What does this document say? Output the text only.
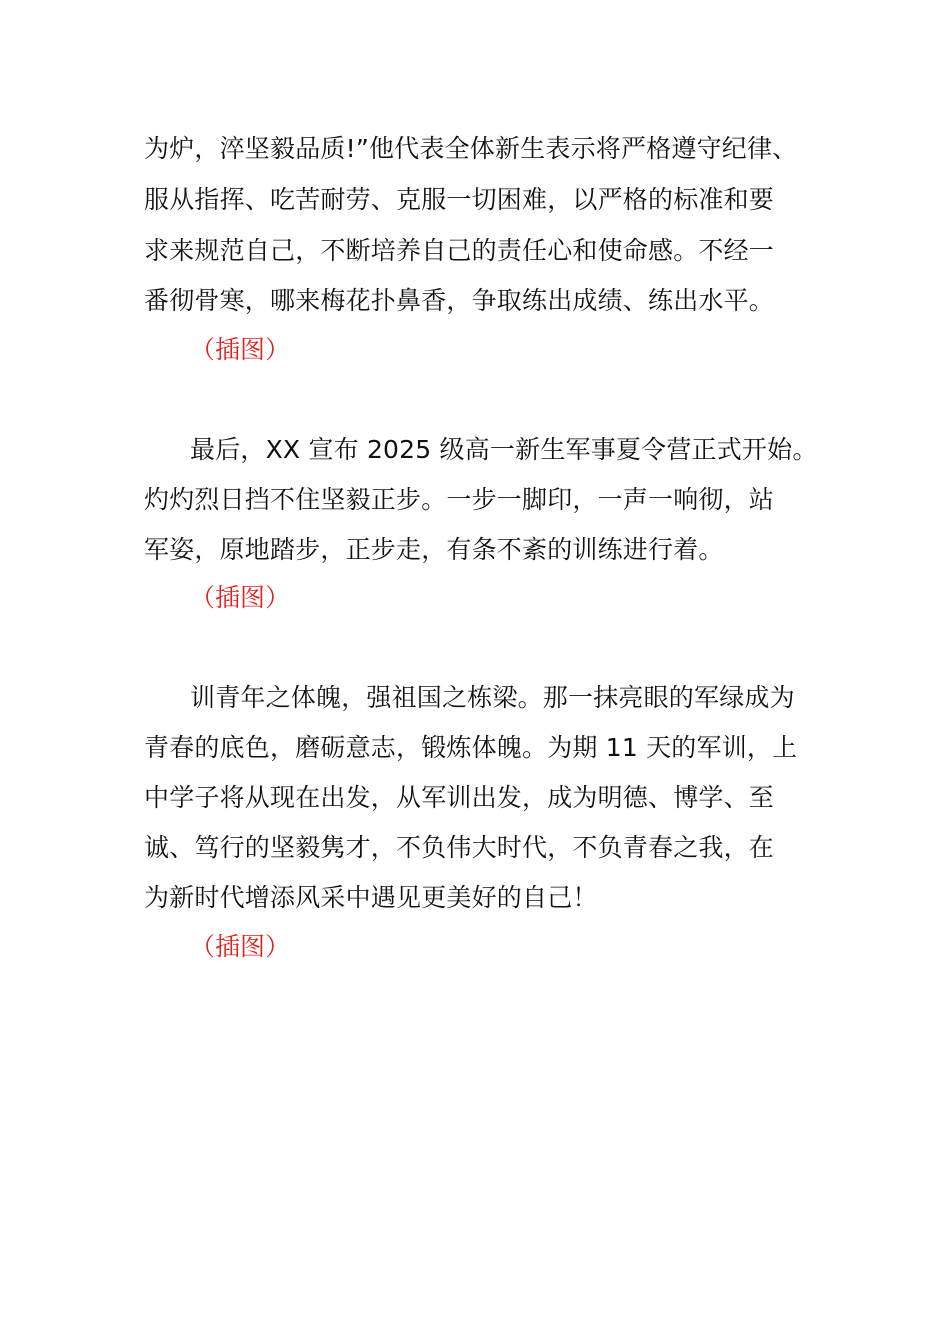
为炉，淬坚毅品质!”他代表全体新生表示将严格遵守纪律、
服从指挥、吃苦耐劳、克服一切困难，以严格的标准和要
求来规范自己，不断培养自己的责任心和使命感。不经一
番彻骨寒，哪来梅花扑鼻香，争取练出成绩、练出水平。
（插图）
最后，XX 宣布 2025 级高一新生军事夏令营正式开始。
灼灼烈日挡不住坚毅正步。一步一脚印，一声一响彻，站
军姿，原地踏步，正步走，有条不紊的训练进行着。
（插图）
训青年之体魄，强祖国之栋梁。那一抹亮眼的军绿成为
青春的底色，磨砺意志，锻炼体魄。为期 11 天的军训，上
中学子将从现在出发，从军训出发，成为明德、博学、至
诚、笃行的坚毅隽才，不负伟大时代，不负青春之我，在
为新时代增添风采中遇见更美好的自己！
（插图）
